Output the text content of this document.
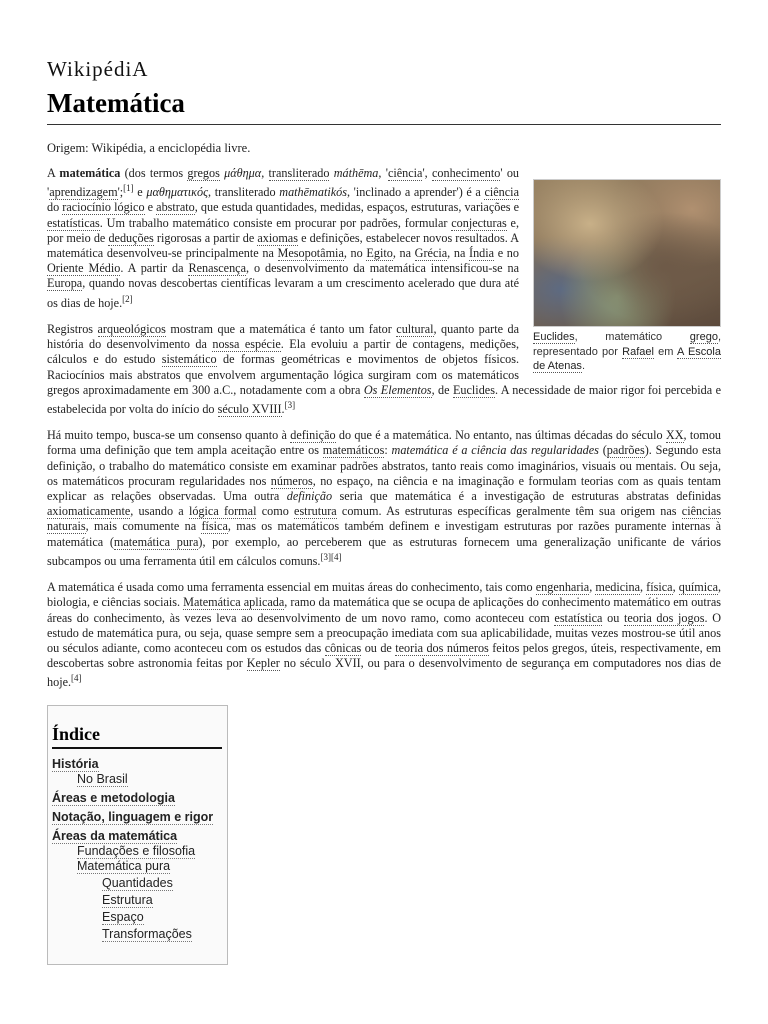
WikipédiA
Matemática
Origem: Wikipédia, a enciclopédia livre.
Euclides, matemático grego, representado por Rafael em A Escola de Atenas.
A matemática (dos termos gregos μάθημα, transliterado máthēma, 'ciência', conhecimento' ou 'aprendizagem';[1] e μαθηματικός, transliterado mathēmatikós, 'inclinado a aprender') é a ciência do raciocínio lógico e abstrato, que estuda quantidades, medidas, espaços, estruturas, variações e estatísticas. Um trabalho matemático consiste em procurar por padrões, formular conjecturas e, por meio de deduções rigorosas a partir de axiomas e definições, estabelecer novos resultados. A matemática desenvolveu-se principalmente na Mesopotâmia, no Egito, na Grécia, na Índia e no Oriente Médio. A partir da Renascença, o desenvolvimento da matemática intensificou-se na Europa, quando novas descobertas científicas levaram a um crescimento acelerado que dura até os dias de hoje.[2]
Registros arqueológicos mostram que a matemática é tanto um fator cultural, quanto parte da história do desenvolvimento da nossa espécie. Ela evoluiu a partir de contagens, medições, cálculos e do estudo sistemático de formas geométricas e movimentos de objetos físicos. Raciocínios mais abstratos que envolvem argumentação lógica surgiram com os matemáticos gregos aproximadamente em 300 a.C., notadamente com a obra Os Elementos, de Euclides. A necessidade de maior rigor foi percebida e estabelecida por volta do início do século XVIII.[3]
Há muito tempo, busca-se um consenso quanto à definição do que é a matemática. No entanto, nas últimas décadas do século XX, tomou forma uma definição que tem ampla aceitação entre os matemáticos: matemática é a ciência das regularidades (padrões). Segundo esta definição, o trabalho do matemático consiste em examinar padrões abstratos, tanto reais como imaginários, visuais ou mentais. Ou seja, os matemáticos procuram regularidades nos números, no espaço, na ciência e na imaginação e formulam teorias com as quais tentam explicar as relações observadas. Uma outra definição seria que matemática é a investigação de estruturas abstratas definidas axiomaticamente, usando a lógica formal como estrutura comum. As estruturas específicas geralmente têm sua origem nas ciências naturais, mais comumente na física, mas os matemáticos também definem e investigam estruturas por razões puramente internas à matemática (matemática pura), por exemplo, ao perceberem que as estruturas fornecem uma generalização unificante de vários subcampos ou uma ferramenta útil em cálculos comuns.[3][4]
A matemática é usada como uma ferramenta essencial em muitas áreas do conhecimento, tais como engenharia, medicina, física, química, biologia, e ciências sociais. Matemática aplicada, ramo da matemática que se ocupa de aplicações do conhecimento matemático em outras áreas do conhecimento, às vezes leva ao desenvolvimento de um novo ramo, como aconteceu com estatística ou teoria dos jogos. O estudo de matemática pura, ou seja, quase sempre sem a preocupação imediata com sua aplicabilidade, muitas vezes mostrou-se útil anos ou séculos adiante, como aconteceu com os estudos das cônicas ou de teoria dos números feitos pelos gregos, úteis, respectivamente, em descobertas sobre astronomia feitas por Kepler no século XVII, ou para o desenvolvimento de segurança em computadores nos dias de hoje.[4]
Índice
História
No Brasil
Áreas e metodologia
Notação, linguagem e rigor
Áreas da matemática
Fundações e filosofia
Matemática pura
Quantidades
Estrutura
Espaço
Transformações
